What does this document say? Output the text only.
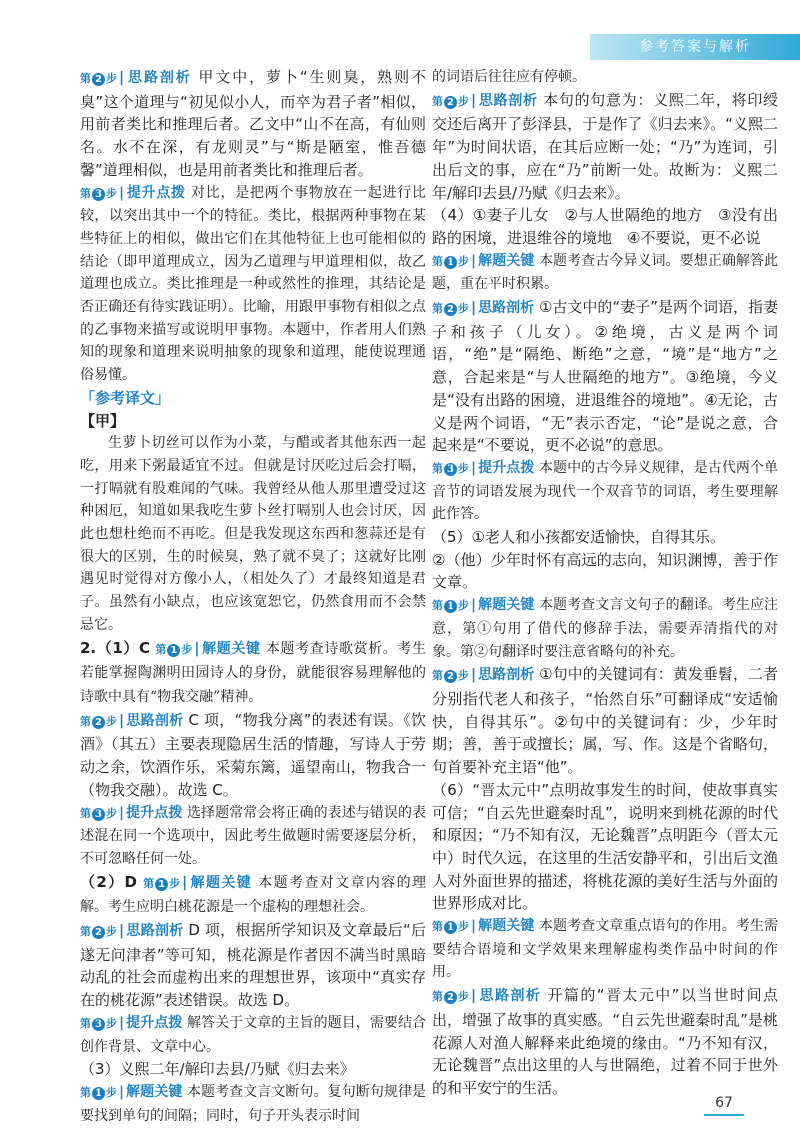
参考答案与解析

第 2 步 | 思路剖析 甲文中，萝卜“生则臭，熟则不臭”这个道理与“初见似小人，而卒为君子者”相似，用前者类比和推理后者。乙文中“山不在高，有仙则名。水不在深，有龙则灵”与“斯是陋室，惟吾德馨”道理相似，也是用前者类比和推理后者。

第 3 步 | 提升点拨 对比，是把两个事物放在一起进行比较，以突出其中一个的特征。类比，根据两种事物在某些特征上的相似，做出它们在其他特征上也可能相似的结论（即甲道理成立，因为乙道理与甲道理相似，故乙道理也成立。类比推理是一种或然性的推理，其结论是否正确还有待实践证明）。比喻，用跟甲事物有相似之点的乙事物来描写或说明甲事物。本题中，作者用人们熟知的现象和道理来说明抽象的现象和道理，能使说理通俗易懂。

「参考译文」

【甲】

生萝卜切丝可以作为小菜，与醋或者其他东西一起吃，用来下粥最适宜不过。但就是讨厌吃过后会打嗝，一打嗝就有股难闻的气味。我曾经从他人那里遭受过这种困厄，知道如果我吃生萝卜丝打嗝别人也会讨厌，因此也想杜绝而不再吃。但是我发现这东西和葱蒜还是有很大的区别，生的时候臭，熟了就不臭了；这就好比刚遇见时觉得对方像小人，（相处久了）才最终知道是君子。虽然有小缺点，也应该宽恕它，仍然食用而不会禁忌它。

2.（1）C 第 1 步 | 解题关键 本题考查诗歌赏析。考生若能掌握陶渊明田园诗人的身份，就能很容易理解他的诗歌中具有“物我交融”精神。

第 2 步 | 思路剖析 C 项，“物我分离”的表述有误。《饮酒》（其五）主要表现隐居生活的情趣，写诗人于劳动之余，饮酒作乐，采菊东篱，遥望南山，物我合一（物我交融）。故选 C。

第 3 步 | 提升点拨 选择题常常会将正确的表述与错误的表述混在同一个选项中，因此考生做题时需要逐层分析，不可忽略任何一处。

（2）D 第 1 步 | 解题关键 本题考查对文章内容的理解。考生应明白桃花源是一个虚构的理想社会。

第 2 步 | 思路剖析 D 项，根据所学知识及文章最后“后遂无问津者”等可知，桃花源是作者因不满当时黑暗动乱的社会而虚构出来的理想世界，该项中“真实存在的桃花源”表述错误。故选 D。

第 3 步 | 提升点拨 解答关于文章的主旨的题目，需要结合创作背景、文章中心。

（3）义熙二年/解印去县/乃赋《归去来》

第 1 步 | 解题关键 本题考查文言文断句。复句断句规律是要找到单句的间隔；同时，句子开头表示时间

的词语后往往应有停顿。

第 2 步 | 思路剖析 本句的句意为：义熙二年，将印绶交还后离开了彭泽县，于是作了《归去来》。“义熙二年”为时间状语，在其后应断一处；“乃”为连词，引出后文的事，应在“乃”前断一处。故断为：义熙二年/解印去县/乃赋《归去来》。

（4）①妻子儿女　②与人世隔绝的地方　③没有出路的困境，进退维谷的境地　④不要说，更不必说

第 1 步 | 解题关键 本题考查古今异义词。要想正确解答此题，重在平时积累。

第 2 步 | 思路剖析 ①古文中的“妻子”是两个词语，指妻子和孩子（儿女）。②绝境，古义是两个词语，“绝”是“隔绝、断绝”之意，“境”是“地方”之意，合起来是“与人世隔绝的地方”。③绝境，今义是“没有出路的困境，进退维谷的境地”。④无论，古义是两个词语，“无”表示否定，“论”是说之意，合起来是“不要说，更不必说”的意思。

第 3 步 | 提升点拨 本题中的古今异义规律，是古代两个单音节的词语发展为现代一个双音节的词语，考生要理解此作答。

（5）①老人和小孩都安适愉快，自得其乐。

②（他）少年时怀有高远的志向，知识渊博，善于作文章。

第 1 步 | 解题关键 本题考查文言文句子的翻译。考生应注意，第①句用了借代的修辞手法，需要弄清指代的对象。第②句翻译时要注意省略句的补充。

第 2 步 | 思路剖析 ①句中的关键词有：黄发垂髫，二者分别指代老人和孩子，“怡然自乐”可翻译成“安适愉快，自得其乐”。②句中的关键词有：少，少年时期；善，善于或擅长；属，写、作。这是个省略句，句首要补充主语“他”。

（6）“晋太元中”点明故事发生的时间，使故事真实可信；“自云先世避秦时乱”，说明来到桃花源的时代和原因；“乃不知有汉，无论魏晋”点明距今（晋太元中）时代久远，在这里的生活安静平和，引出后文渔人对外面世界的描述，将桃花源的美好生活与外面的世界形成对比。

第 1 步 | 解题关键 本题考查文章重点语句的作用。考生需要结合语境和文学效果来理解虚构类作品中时间的作用。

第 2 步 | 思路剖析 开篇的“晋太元中”以当世时间点出，增强了故事的真实感。“自云先世避秦时乱”是桃花源人对渔人解释来此绝境的缘由。“乃不知有汉，无论魏晋”点出这里的人与世隔绝，过着不同于世外的和平安宁的生活。

67
